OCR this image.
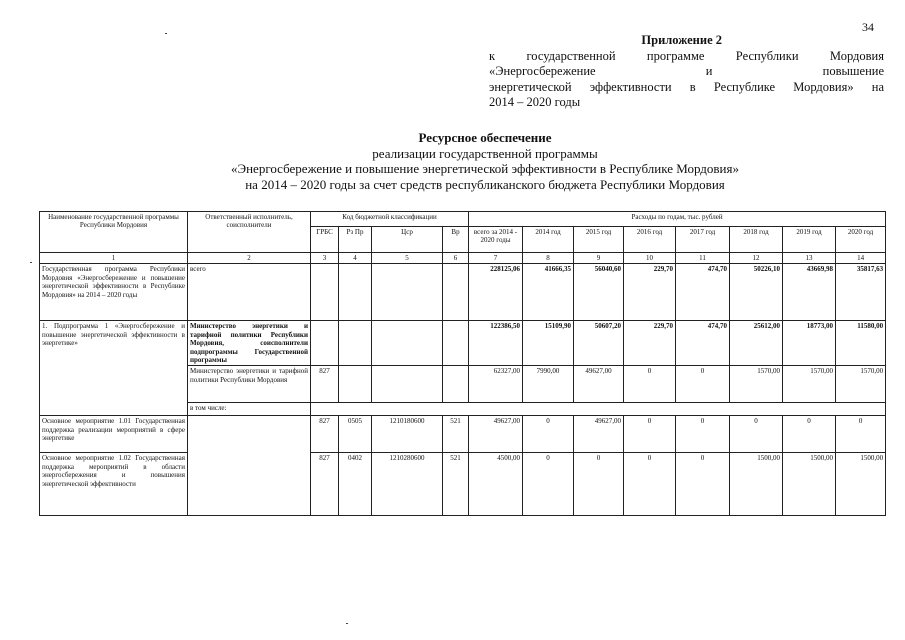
34
Приложение 2
к государственной программе Республики Мордовия
«Энергосбережение и повышение
энергетической эффективности в Республике Мордовия» на
2014 – 2020 годы
Ресурсное обеспечение
реализации государственной программы
«Энергосбережение и повышение энергетической эффективности в Республике Мордовия»
на 2014 – 2020 годы за счет средств республиканского бюджета Республики Мордовия
Наименование государственной программы Республики Мордовия	Ответственный исполнитель, соисполнители	Код бюджетной классификации				Расходы по годам, тыс. рублей							
		ГРБС	Рз Пр	Цср	Вр	всего за 2014 - 2020 годы	2014 год	2015 год	2016 год	2017 год	2018 год	2019 год	2020 год
1	2	3	4	5	6	7	8	9	10	11	12	13	14
Государственная программа Республики Мордовия «Энергосбережение и повышение энергетической эффективности в Республике Мордовия» на 2014 – 2020 годы	всего					228125,06	41666,35	56040,60	229,70	474,70	50226,10	43669,98	35817,63
1. Подпрограмма 1 «Энергосбережение и повышение энергетической эффективности в энергетике»	Министерство энергетики и тарифной политики Республики Мордовия, соисполнители подпрограммы Государственной программы					122386,50	15109,90	50607,20	229,70	474,70	25612,00	18773,00	11580,00
	Министерство энергетики и тарифной политики Республики Мордовия	827				62327,00	7990,00	49627,00	0	0	1570,00	1570,00	1570,00
	в том числе:												
Основное мероприятие 1.01 Государственная поддержка реализации мероприятий в сфере энергетике		827	0505	1210180600	521	49627,00	0	49627,00	0	0	0	0	0
Основное мероприятие 1.02 Государственная поддержка мероприятий в области энергосбережения и повышения энергетической эффективности		827	0402	1210280600	521	4500,00	0	0	0	0	1500,00	1500,00	1500,00
